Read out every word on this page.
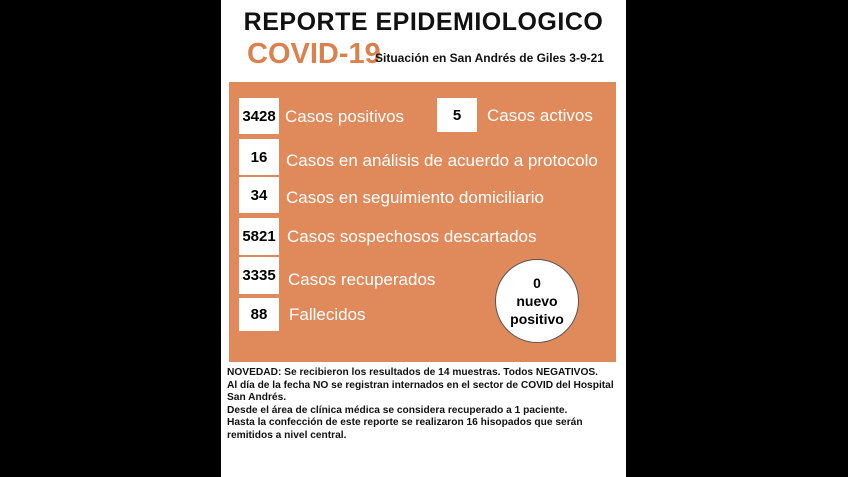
REPORTE EPIDEMIOLOGICO
COVID-19
Situación en San Andrés de Giles 3-9-21
3428 Casos positivos	5	Casos activos
16	Casos en análisis de acuerdo a protocolo
34	Casos en seguimiento domiciliario
5821 Casos sospechosos descartados
3335 Casos recuperados
88	Fallecidos
0
nuevo
positivo

NOVEDAD: Se recibieron los resultados de 14 muestras. Todos NEGATIVOS.

Al día de la fecha NO se registran internados en el sector de COVID del Hospital San Andrés.

Desde el área de clínica médica se considera recuperado a 1 paciente.

Hasta la confección de este reporte se realizaron 16 hisopados que serán remitidos a nivel central.
